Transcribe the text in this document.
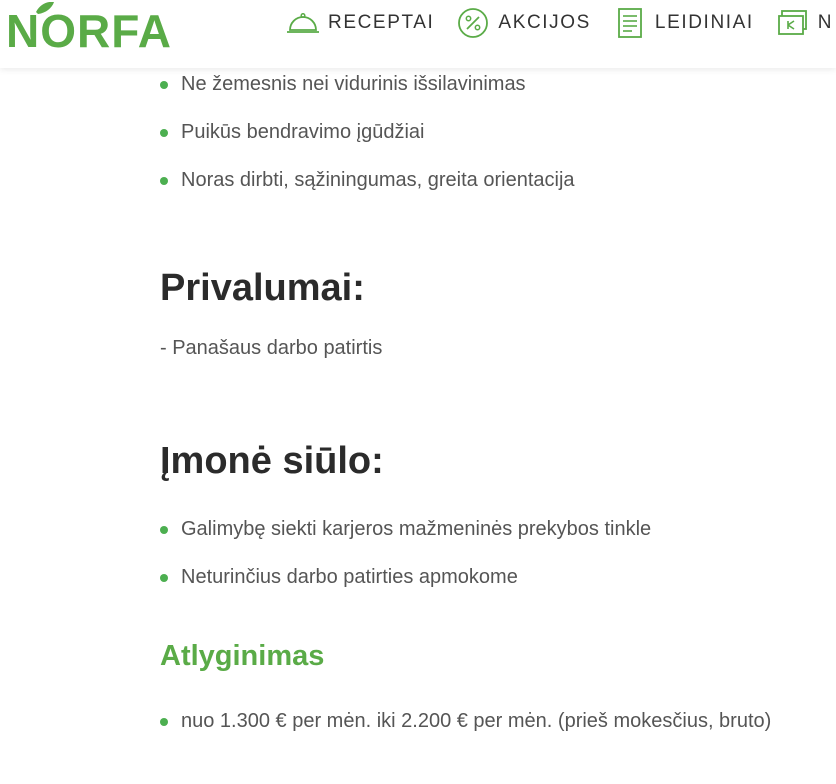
NORFA	RECEPTAI	AKCIJOS	LEIDINIAI	N
Ne žemesnis nei vidurinis išsilavinimas
Puikūs bendravimo įgūdžiai
Noras dirbti, sąžiningumas, greita orientacija
Privalumai:
- Panašaus darbo patirtis
Įmonė siūlo:
Galimybę siekti karjeros mažmeninės prekybos tinkle
Neturinčius darbo patirties apmokome
Atlyginimas
nuo 1.300 € per mėn. iki 2.200 € per mėn. (prieš mokesčius, bruto)
